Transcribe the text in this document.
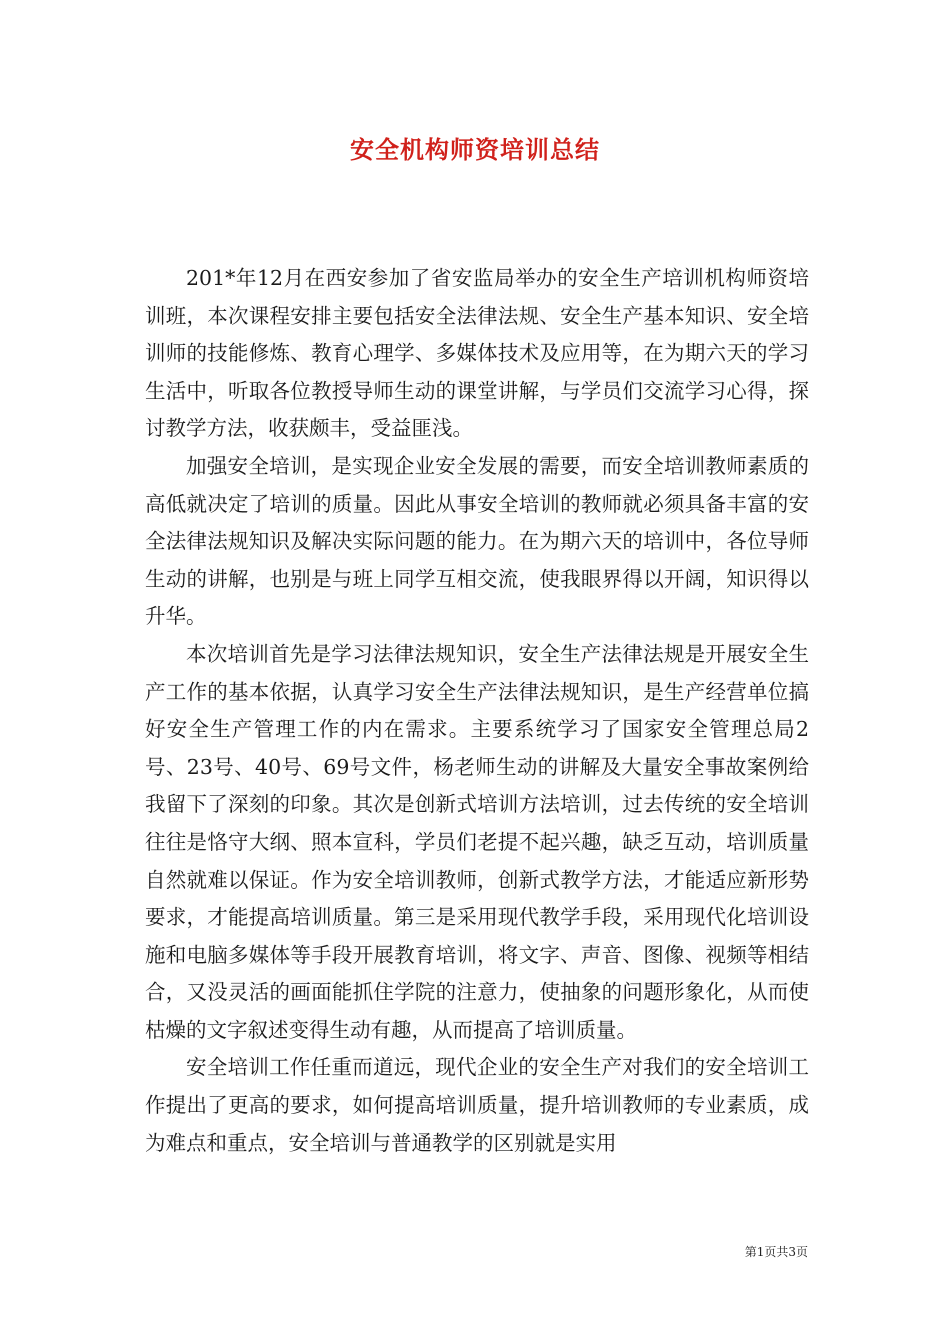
安全机构师资培训总结

201*年12月在西安参加了省安监局举办的安全生产培训机构师资培训班，本次课程安排主要包括安全法律法规、安全生产基本知识、安全培训师的技能修炼、教育心理学、多媒体技术及应用等，在为期六天的学习生活中，听取各位教授导师生动的课堂讲解，与学员们交流学习心得，探讨教学方法，收获颇丰，受益匪浅。

加强安全培训，是实现企业安全发展的需要，而安全培训教师素质的高低就决定了培训的质量。因此从事安全培训的教师就必须具备丰富的安全法律法规知识及解决实际问题的能力。在为期六天的培训中，各位导师生动的讲解，也别是与班上同学互相交流，使我眼界得以开阔，知识得以升华。

本次培训首先是学习法律法规知识，安全生产法律法规是开展安全生产工作的基本依据，认真学习安全生产法律法规知识，是生产经营单位搞好安全生产管理工作的内在需求。主要系统学习了国家安全管理总局2号、23号、40号、69号文件，杨老师生动的讲解及大量安全事故案例给我留下了深刻的印象。其次是创新式培训方法培训，过去传统的安全培训往往是恪守大纲、照本宣科，学员们老提不起兴趣，缺乏互动，培训质量自然就难以保证。作为安全培训教师，创新式教学方法，才能适应新形势要求，才能提高培训质量。第三是采用现代教学手段，采用现代化培训设施和电脑多媒体等手段开展教育培训，将文字、声音、图像、视频等相结合，又没灵活的画面能抓住学院的注意力，使抽象的问题形象化，从而使枯燥的文字叙述变得生动有趣，从而提高了培训质量。

安全培训工作任重而道远，现代企业的安全生产对我们的安全培训工作提出了更高的要求，如何提高培训质量，提升培训教师的专业素质，成为难点和重点，安全培训与普通教学的区别就是实用

第1页共3页
